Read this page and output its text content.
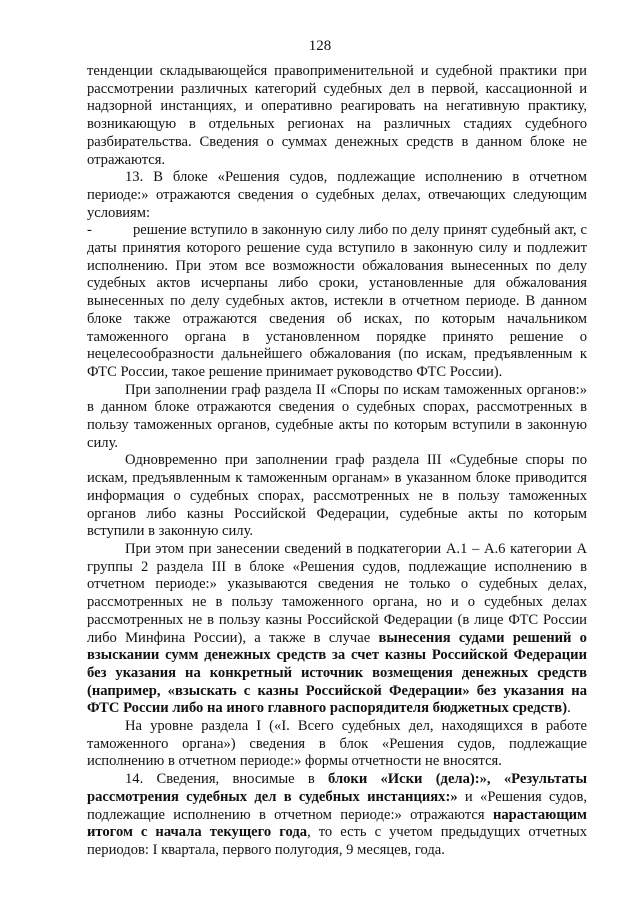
128

тенденции складывающейся правоприменительной и судебной практики при рассмотрении различных категорий судебных дел в первой, кассационной и надзорной инстанциях, и оперативно реагировать на негативную практику, возникающую в отдельных регионах на различных стадиях судебного разбирательства. Сведения о суммах денежных средств в данном блоке не отражаются.

13. В блоке «Решения судов, подлежащие исполнению в отчетном периоде:» отражаются сведения о судебных делах, отвечающих следующим условиям:

-	решение вступило в законную силу либо по делу принят судебный акт, с даты принятия которого решение суда вступило в законную силу и подлежит исполнению. При этом все возможности обжалования вынесенных по делу судебных актов исчерпаны либо сроки, установленные для обжалования вынесенных по делу судебных актов, истекли в отчетном периоде. В данном блоке также отражаются сведения об исках, по которым начальником таможенного органа в установленном порядке принято решение о нецелесообразности дальнейшего обжалования (по искам, предъявленным к ФТС России, такое решение принимает руководство ФТС России).

При заполнении граф раздела II «Споры по искам таможенных органов:» в данном блоке отражаются сведения о судебных спорах, рассмотренных в пользу таможенных органов, судебные акты по которым вступили в законную силу.

Одновременно при заполнении граф раздела III «Судебные споры по искам, предъявленным к таможенным органам» в указанном блоке приводится информация о судебных спорах, рассмотренных не в пользу таможенных органов либо казны Российской Федерации, судебные акты по которым вступили в законную силу.

При этом при занесении сведений в подкатегории А.1 – А.6 категории А группы 2 раздела III в блоке «Решения судов, подлежащие исполнению в отчетном периоде:» указываются сведения не только о судебных делах, рассмотренных не в пользу таможенного органа, но и о судебных делах рассмотренных не в пользу казны Российской Федерации (в лице ФТС России либо Минфина России), а также в случае вынесения судами решений о взыскании сумм денежных средств за счет казны Российской Федерации без указания на конкретный источник возмещения денежных средств (например, «взыскать с казны Российской Федерации» без указания на ФТС России либо на иного главного распорядителя бюджетных средств).

На уровне раздела I («I. Всего судебных дел, находящихся в работе таможенного органа») сведения в блок «Решения судов, подлежащие исполнению в отчетном периоде:» формы отчетности не вносятся.

14. Сведения, вносимые в блоки «Иски (дела):», «Результаты рассмотрения судебных дел в судебных инстанциях:» и «Решения судов, подлежащие исполнению в отчетном периоде:» отражаются нарастающим итогом с начала текущего года, то есть с учетом предыдущих отчетных периодов: I квартала, первого полугодия, 9 месяцев, года.
